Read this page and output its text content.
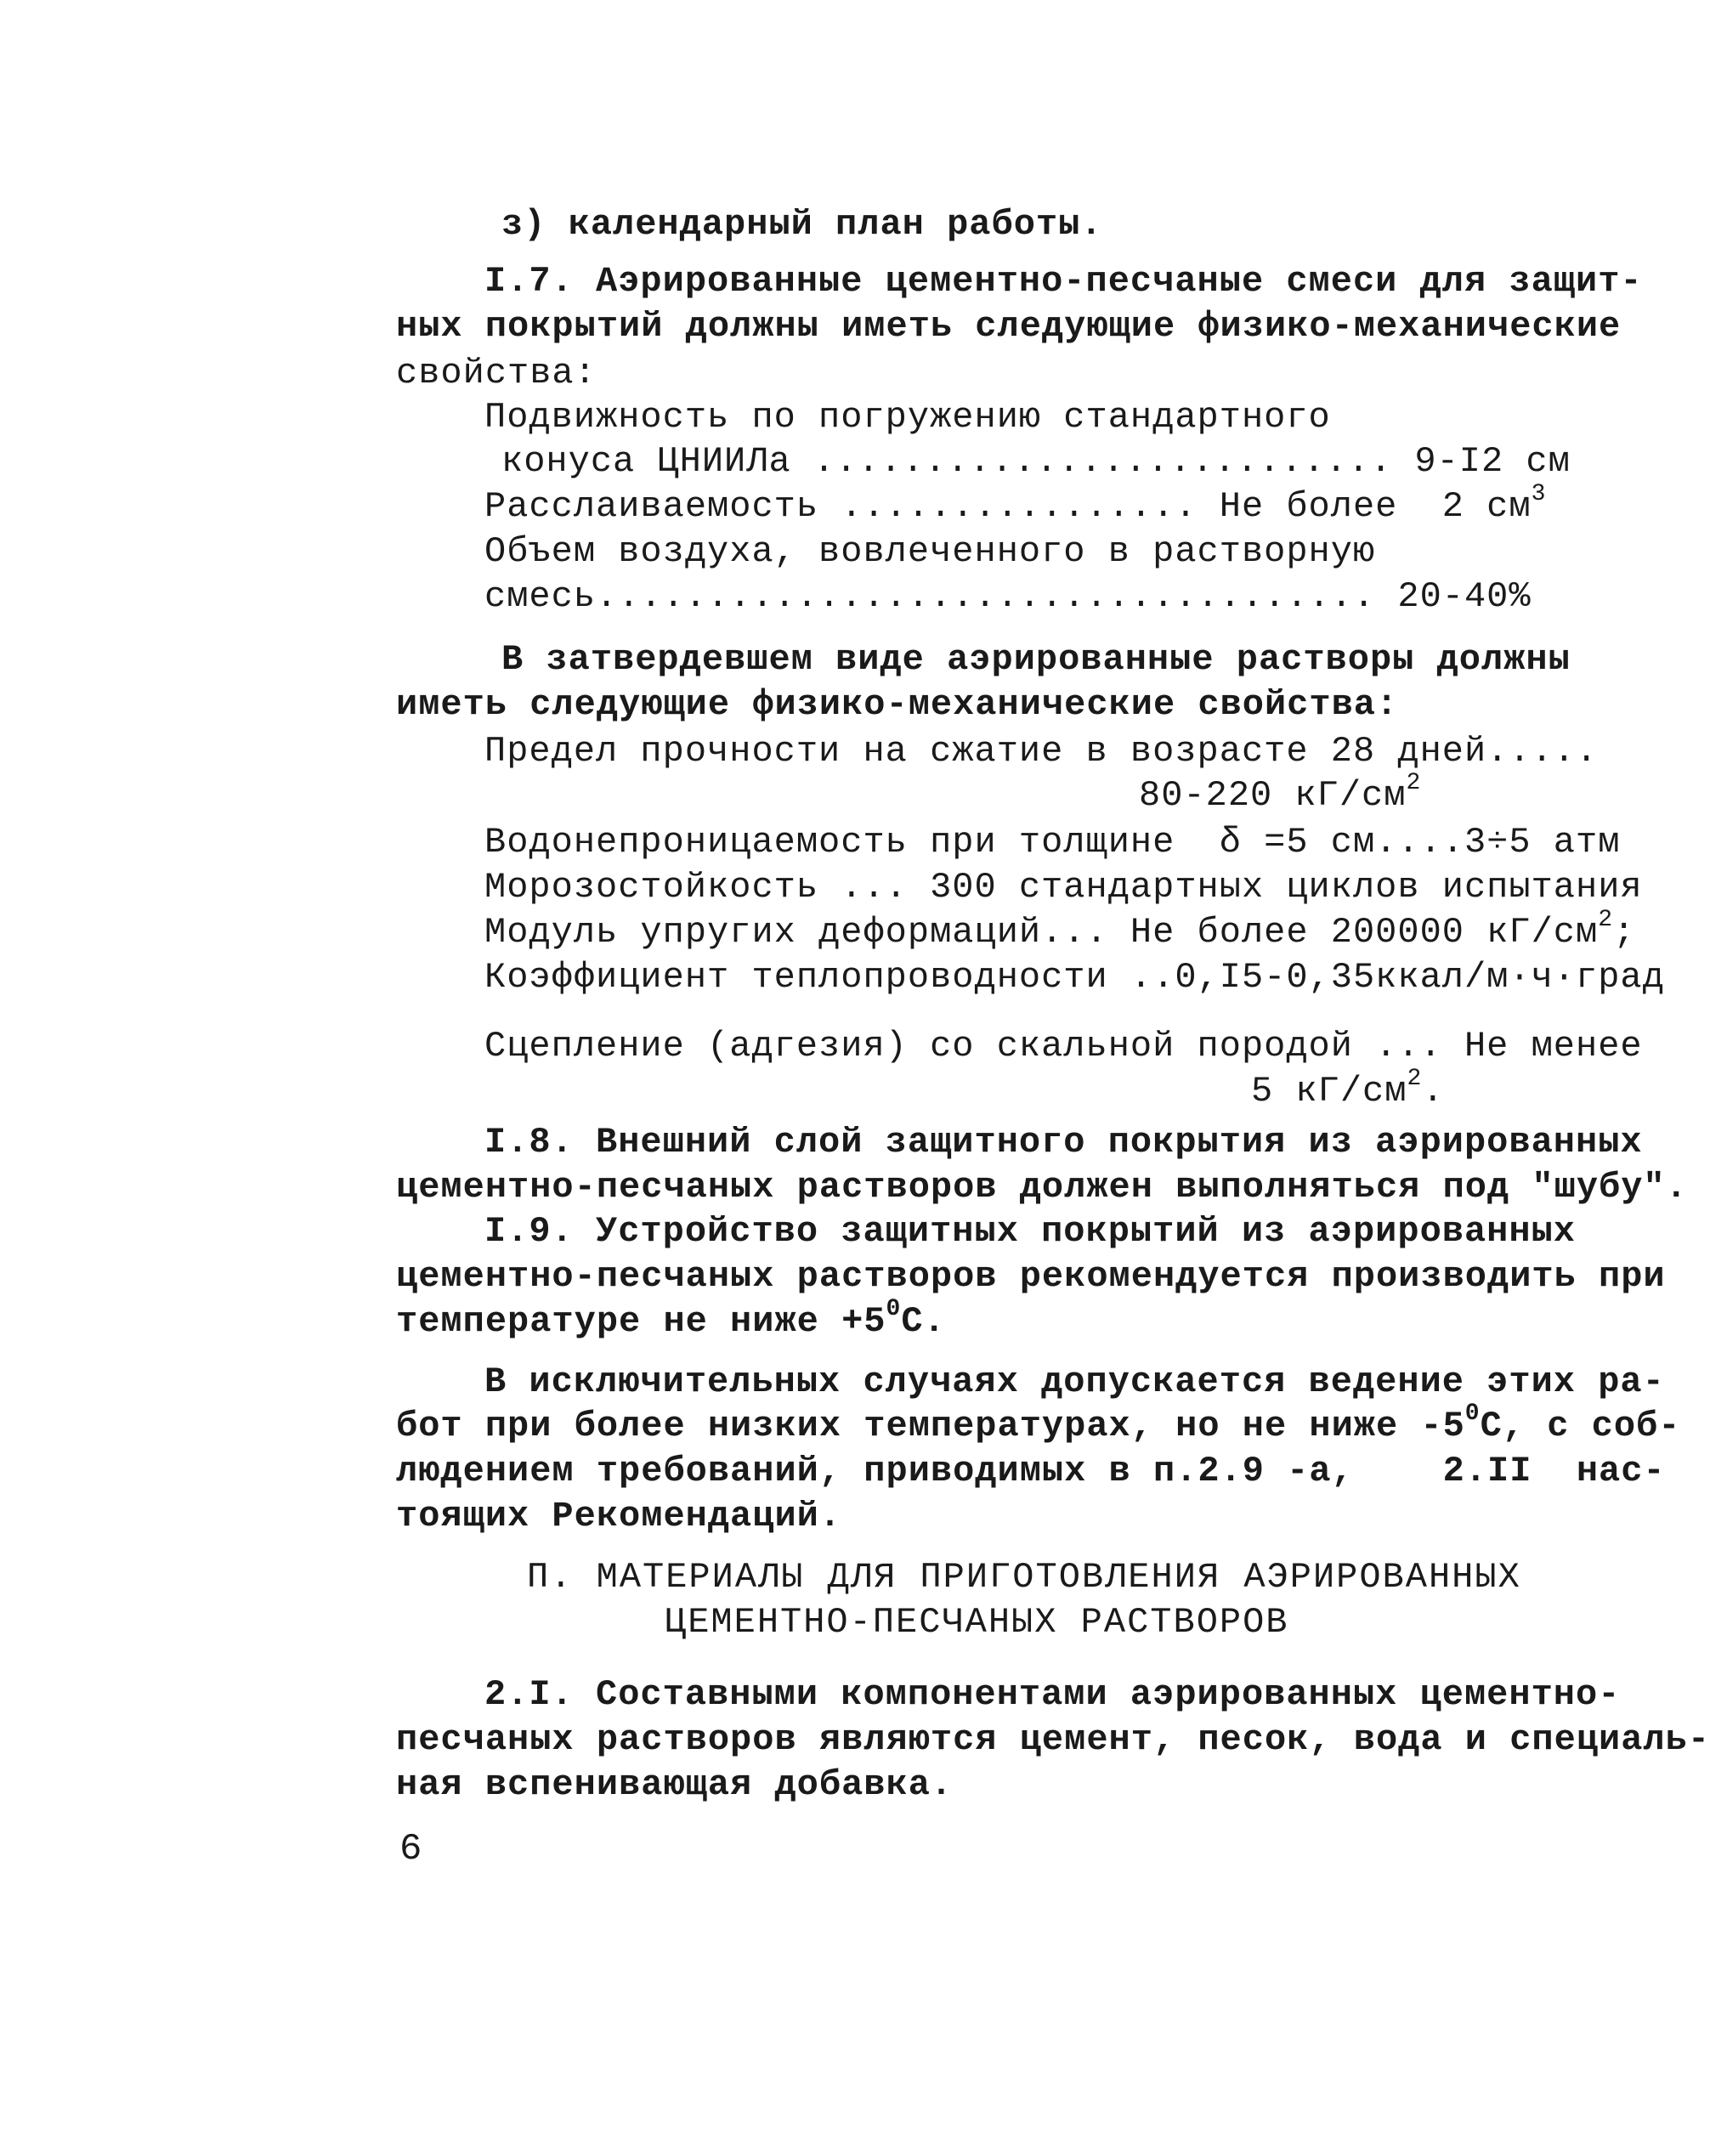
з) календарный план работы.
I.7. Аэрированные цементно-песчаные смеси для защит-
ных покрытий должны иметь следующие физико-механические
свойства:
Подвижность по погружению стандартного
конуса ЦНИИЛа .......................... 9-I2 см
Расслаиваемость ................ Не более  2 $см^3$
Объем воздуха, вовлеченного в растворную
смесь................................... 20-40%
В затвердевшем виде аэрированные растворы должны
иметь следующие физико-механические свойства:
Предел прочности на сжатие в возрасте 28 дней.....
80-220 $кГ/см^2$
Водонепроницаемость при толщине  δ =5 см....3÷5 атм
Морозостойкость ... 300 стандартных циклов испытания
Модуль упругих деформаций... Не более 200000 $кГ/см^2$;
Коэффициент теплопроводности ..0,I5-0,35ккал/м·ч·град
Сцепление (адгезия) со скальной породой ... Не менее
5 $кГ/см^2$.
I.8. Внешний слой защитного покрытия из аэрированных
цементно-песчаных растворов должен выполняться под "шубу".
I.9. Устройство защитных покрытий из аэрированных
цементно-песчаных растворов рекомендуется производить при
температуре не ниже $+5^0С$.
В исключительных случаях допускается ведение этих ра-
бот при более низких температурах, но не ниже $-5^0С$, с соб-
людением требований, приводимых в п.2.9 -а,    2.II  нас-
тоящих Рекомендаций.
П. МАТЕРИАЛЫ ДЛЯ ПРИГОТОВЛЕНИЯ АЭРИРОВАННЫХ
ЦЕМЕНТНО-ПЕСЧАНЫХ РАСТВОРОВ
2.I. Составными компонентами аэрированных цементно-
песчаных растворов являются цемент, песок, вода и специаль-
ная вспенивающая добавка.
6
